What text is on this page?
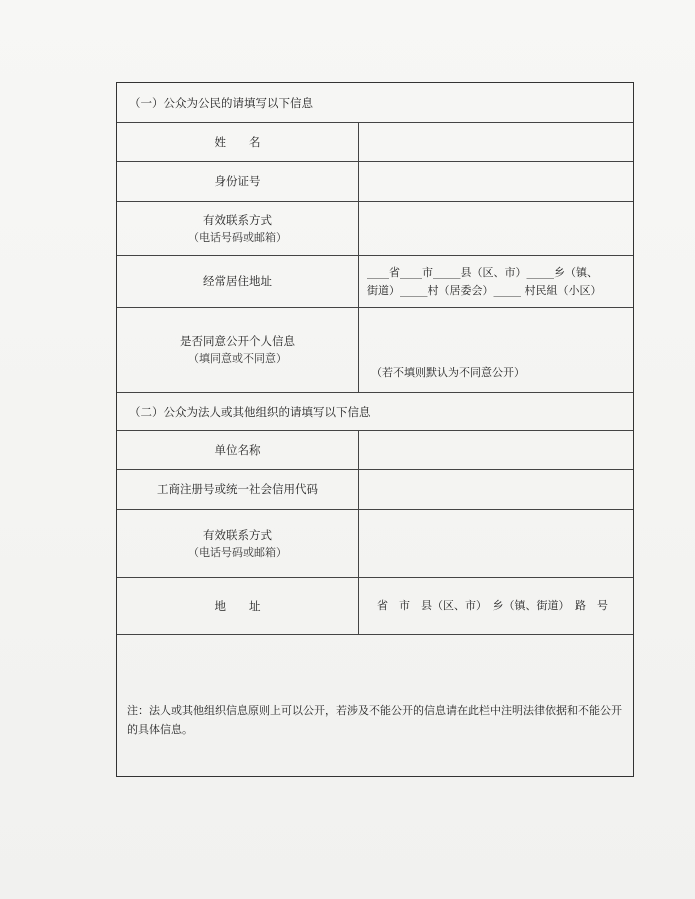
（一）公众为公民的请填写以下信息
姓　　名
身份证号
有效联系方式
（电话号码或邮箱）
经常居住地址
____省____市_____县（区、市）_____乡（镇、
街道）_____村（居委会）_____ 村民組（小区）
是否同意公开个人信息
（填同意或不同意）
（若不填则默认为不同意公开）
（二）公众为法人或其他组织的请填写以下信息
单位名称
工商注册号或统一社会信用代码
有效联系方式
（电话号码或邮箱）
地　　址	省　市　县（区、市）　乡（镇、街道）　路　号
注：法人或其他组织信息原则上可以公开，若涉及不能公开的信息请在此栏中注明法律依据和不能公开的具体信息。
